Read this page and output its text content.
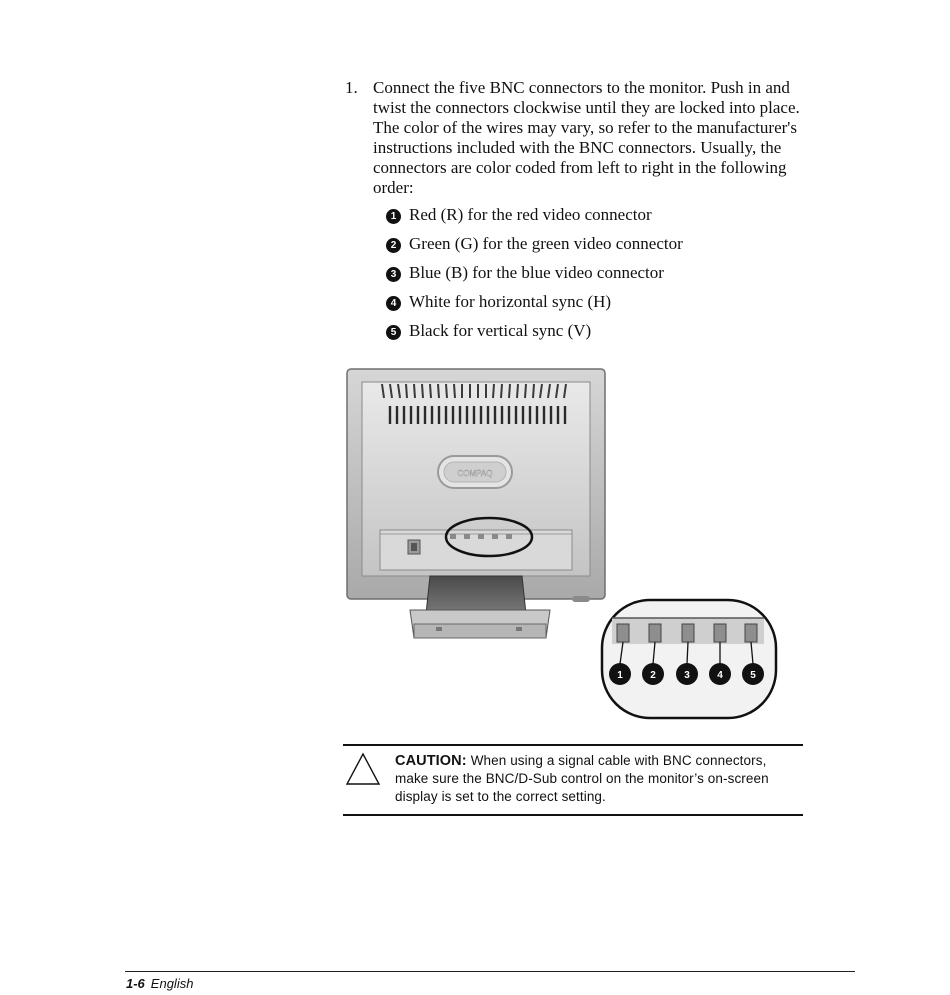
1. Connect the five BNC connectors to the monitor. Push in and twist the connectors clockwise until they are locked into place. The color of the wires may vary, so refer to the manufacturer's instructions included with the BNC connectors. Usually, the connectors are color coded from left to right in the following order:
1 Red (R) for the red video connector
2 Green (G) for the green video connector
3 Blue (B) for the blue video connector
4 White for horizontal sync (H)
5 Black for vertical sync (V)
COMPAQ
1	2	3	4	5
CAUTION: When using a signal cable with BNC connectors, make sure the BNC/D-Sub control on the monitor’s on-screen display is set to the correct setting.
1-6 English
